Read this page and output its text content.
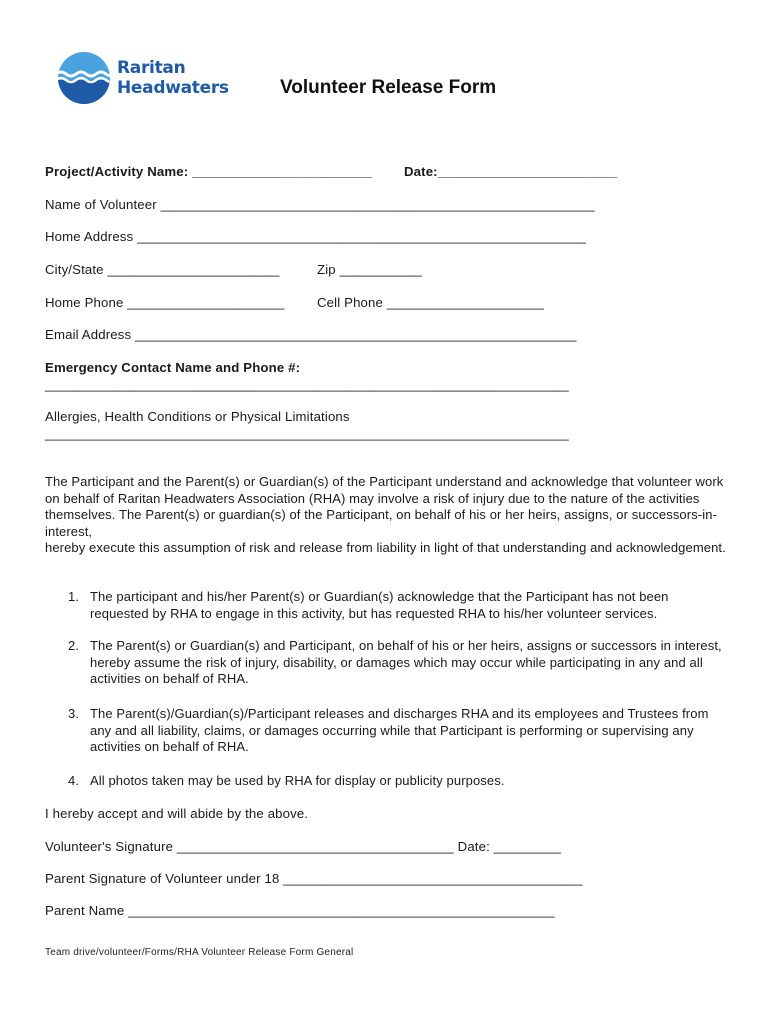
Raritan
Headwaters	Volunteer Release Form
Project/Activity Name: ________________________ Date:________________________
Name of Volunteer __________________________________________________________
Home Address ____________________________________________________________
City/State _______________________	Zip ___________
Home Phone _____________________ Cell Phone _____________________
Email Address ___________________________________________________________
Emergency Contact Name and Phone #:
______________________________________________________________________
Allergies, Health Conditions or Physical Limitations
______________________________________________________________________
The Participant and the Parent(s) or Guardian(s) of the Participant understand and acknowledge that volunteer work on behalf of Raritan Headwaters Association (RHA) may involve a risk of injury due to the nature of the activities themselves. The Parent(s) or guardian(s) of the Participant, on behalf of his or her heirs, assigns, or successors-in-interest,
hereby execute this assumption of risk and release from liability in light of that understanding and acknowledgement.
1. The participant and his/her Parent(s) or Guardian(s) acknowledge that the Participant has not been requested by RHA to engage in this activity, but has requested RHA to his/her volunteer services.
2. The Parent(s) or Guardian(s) and Participant, on behalf of his or her heirs, assigns or successors in interest, hereby assume the risk of injury, disability, or damages which may occur while participating in any and all activities on behalf of RHA.
3. The Parent(s)/Guardian(s)/Participant releases and discharges RHA and its employees and Trustees from any and all liability, claims, or damages occurring while that Participant is performing or supervising any activities on behalf of RHA.
4. All photos taken may be used by RHA for display or publicity purposes.
I hereby accept and will abide by the above.
Volunteer's Signature _____________________________________ Date: _________
Parent Signature of Volunteer under 18 ________________________________________
Parent Name _________________________________________________________
Team drive/volunteer/Forms/RHA Volunteer Release Form General
